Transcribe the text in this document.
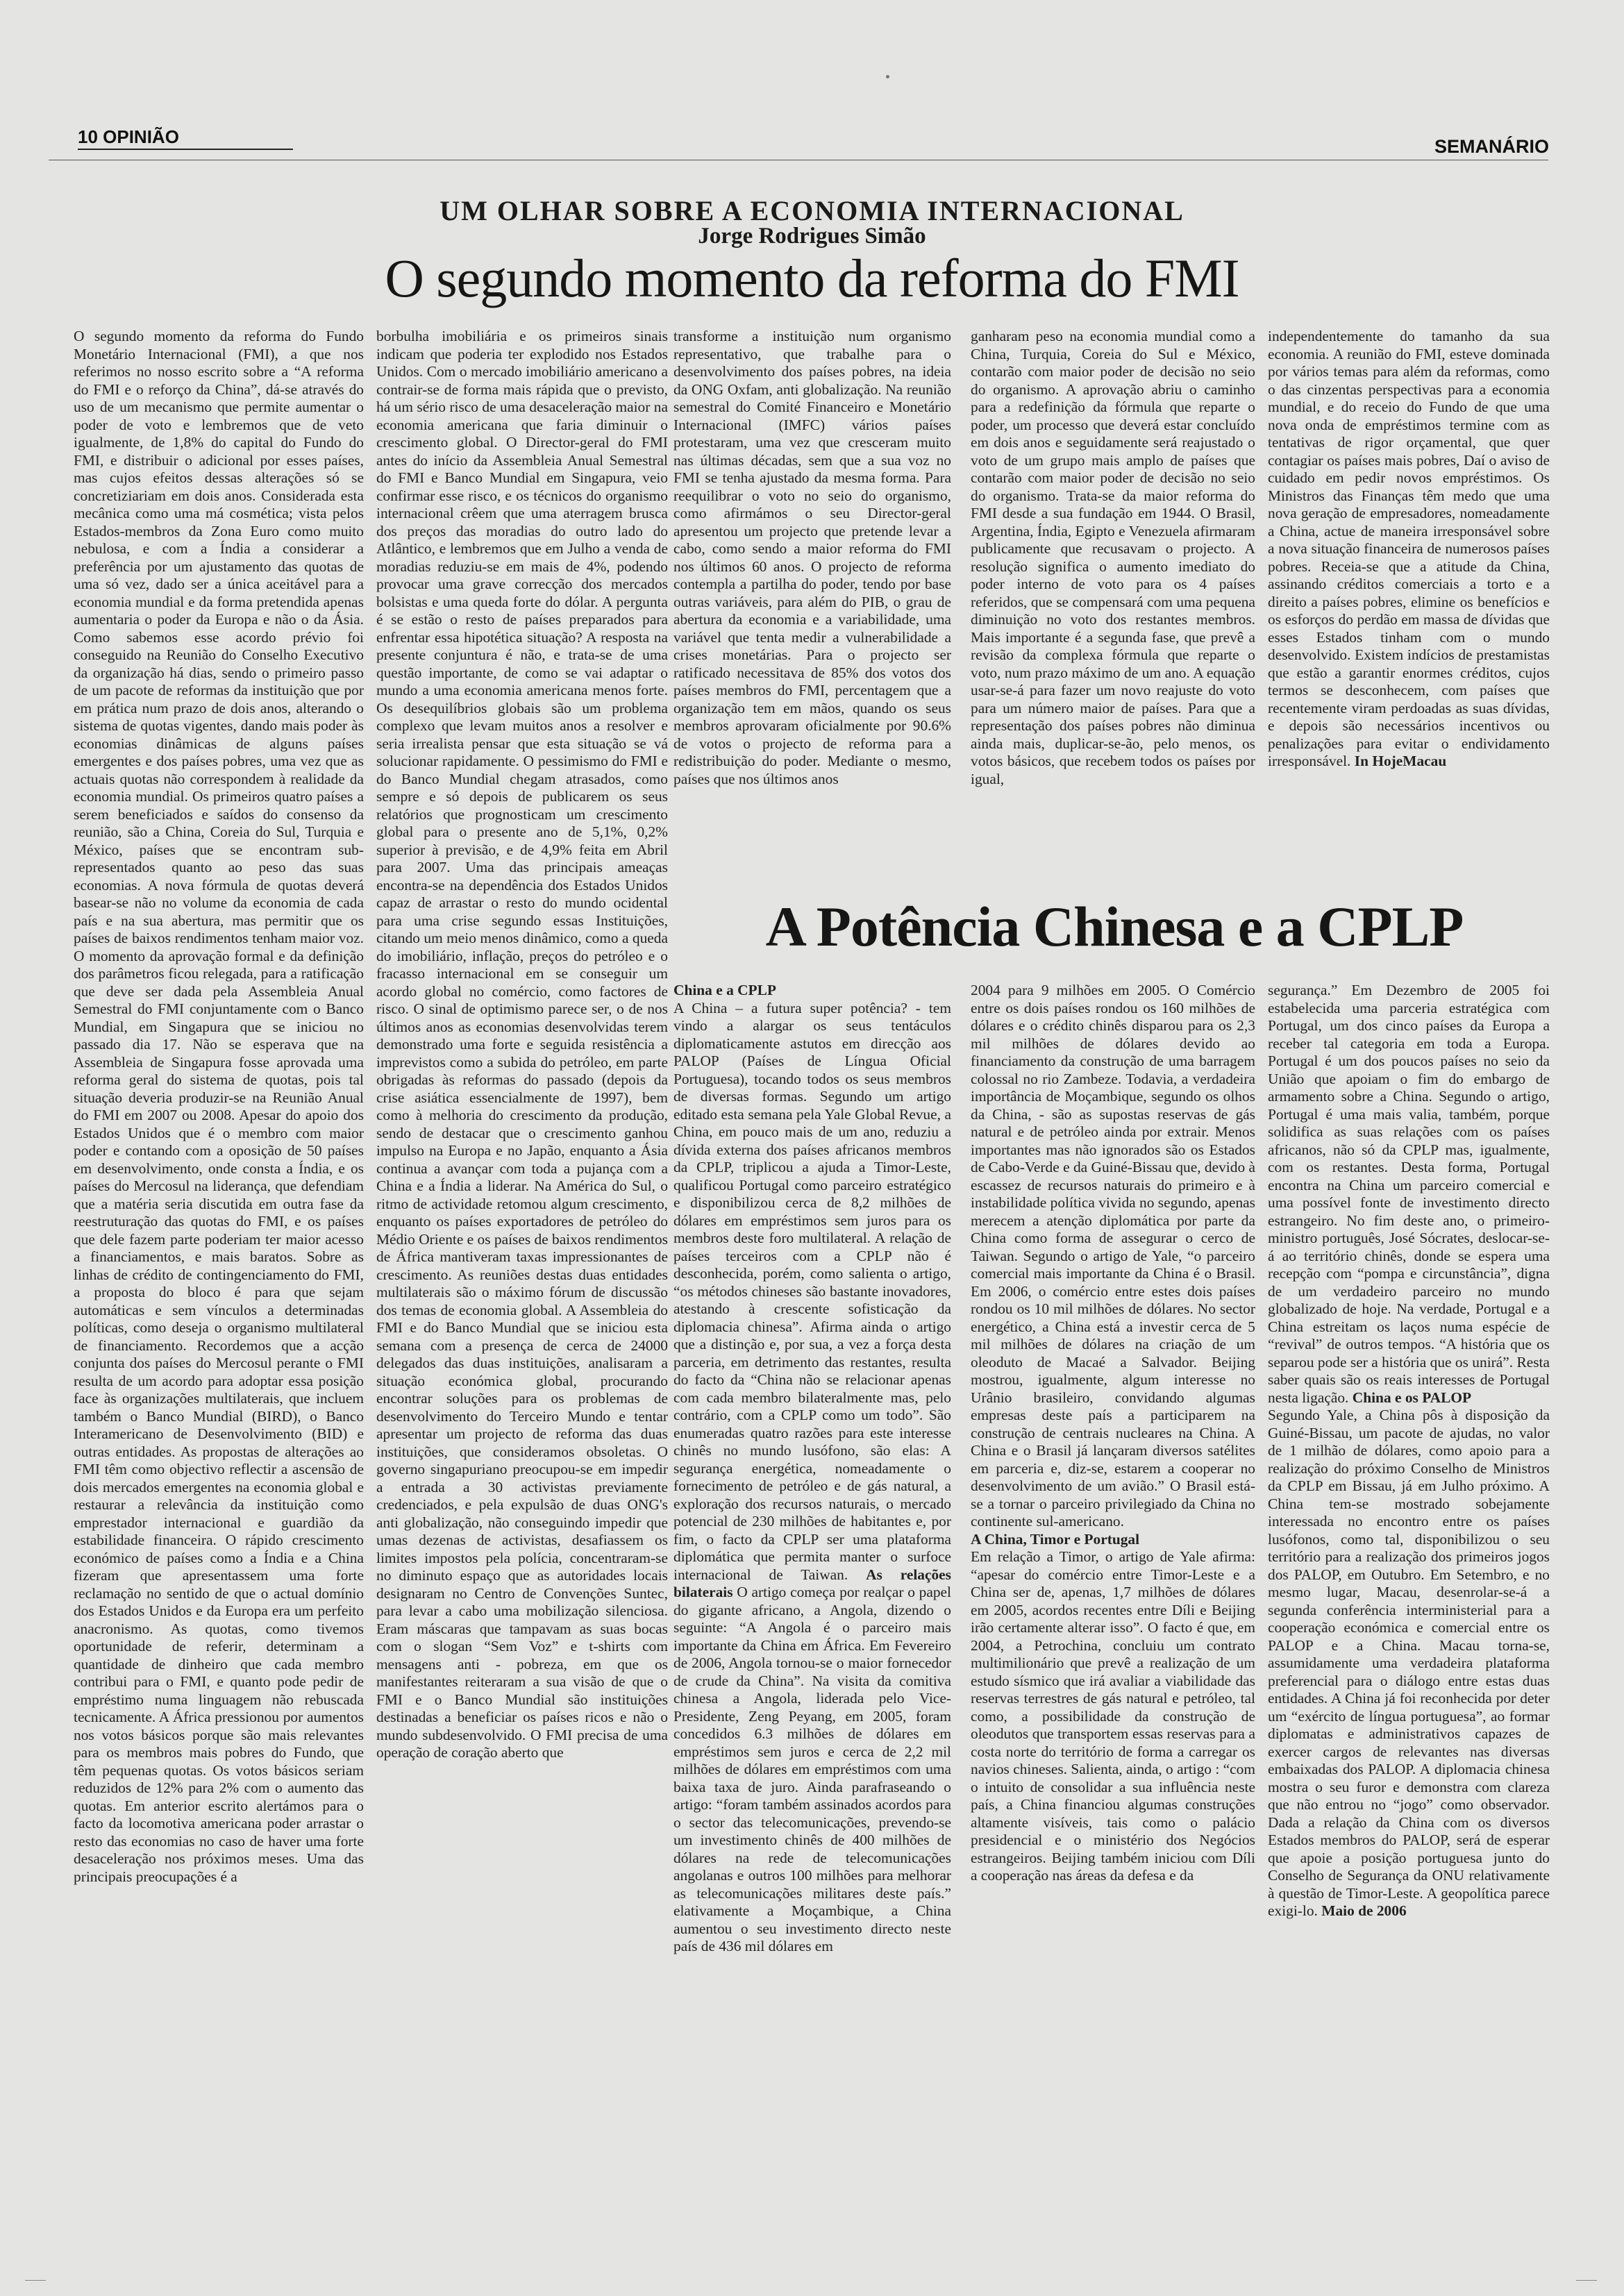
10 OPINIÃO	SEMANÁRIO
UM OLHAR SOBRE A ECONOMIA INTERNACIONAL
Jorge Rodrigues Simão
O segundo momento da reforma do FMI

O segundo momento da reforma do Fundo Monetário Internacional (FMI), a que nos referimos no nosso escrito sobre a “A reforma do FMI e o reforço da China”, dá-se através do uso de um mecanismo que permite aumentar o poder de voto e lembremos que de veto igualmente, de 1,8% do capital do Fundo do FMI, e distribuir o adicional por esses países, mas cujos efeitos dessas alterações só se concretiziariam em dois anos. Considerada esta mecânica como uma má cosmética; vista pelos Estados-membros da Zona Euro como muito nebulosa, e com a Índia a considerar a preferência por um ajustamento das quotas de uma só vez, dado ser a única aceitável para a economia mundial e da forma pretendida apenas aumentaria o poder da Europa e não o da Ásia. Como sabemos esse acordo prévio foi conseguido na Reunião do Conselho Executivo da organização há dias, sendo o primeiro passo de um pacote de reformas da instituição que por em prática num prazo de dois anos, alterando o sistema de quotas vigentes, dando mais poder às economias dinâmicas de alguns países emergentes e dos países pobres, uma vez que as actuais quotas não correspondem à realidade da economia mundial. Os primeiros quatro países a serem beneficiados e saídos do consenso da reunião, são a China, Coreia do Sul, Turquia e México, países que se encontram sub-representados quanto ao peso das suas economias. A nova fórmula de quotas deverá basear-se não no volume da economia de cada país e na sua abertura, mas permitir que os países de baixos rendimentos tenham maior voz. O momento da aprovação formal e da definição dos parâmetros ficou relegada, para a ratificação que deve ser dada pela Assembleia Anual Semestral do FMI conjuntamente com o Banco Mundial, em Singapura que se iniciou no passado dia 17. Não se esperava que na Assembleia de Singapura fosse aprovada uma reforma geral do sistema de quotas, pois tal situação deveria produzir-se na Reunião Anual do FMI em 2007 ou 2008. Apesar do apoio dos Estados Unidos que é o membro com maior poder e contando com a oposição de 50 países em desenvolvimento, onde consta a Índia, e os países do Mercosul na liderança, que defendiam que a matéria seria discutida em outra fase da reestruturação das quotas do FMI, e os países que dele fazem parte poderiam ter maior acesso a financiamentos, e mais baratos. Sobre as linhas de crédito de contingenciamento do FMI, a proposta do bloco é para que sejam automáticas e sem vínculos a determinadas políticas, como deseja o organismo multilateral de financiamento. Recordemos que a acção conjunta dos países do Mercosul perante o FMI resulta de um acordo para adoptar essa posição face às organizações multilaterais, que incluem também o Banco Mundial (BIRD), o Banco Interamericano de Desenvolvimento (BID) e outras entidades. As propostas de alterações ao FMI têm como objectivo reflectir a ascensão de dois mercados emergentes na economia global e restaurar a relevância da instituição como emprestador internacional e guardião da estabilidade financeira. O rápido crescimento económico de países como a Índia e a China fizeram que apresentassem uma forte reclamação no sentido de que o actual domínio dos Estados Unidos e da Europa era um perfeito anacronismo. As quotas, como tivemos oportunidade de referir, determinam a quantidade de dinheiro que cada membro contribui para o FMI, e quanto pode pedir de empréstimo numa linguagem não rebuscada tecnicamente. A África pressionou por aumentos nos votos básicos porque são mais relevantes para os membros mais pobres do Fundo, que têm pequenas quotas. Os votos básicos seriam reduzidos de 12% para 2% com o aumento das quotas. Em anterior escrito alertámos para o facto da locomotiva americana poder arrastar o resto das economias no caso de haver uma forte desaceleração nos próximos meses. Uma das principais preocupações é a

borbulha imobiliária e os primeiros sinais indicam que poderia ter explodido nos Estados Unidos. Com o mercado imobiliário americano a contrair-se de forma mais rápida que o previsto, há um sério risco de uma desaceleração maior na economia americana que faria diminuir o crescimento global. O Director-geral do FMI antes do início da Assembleia Anual Semestral do FMI e Banco Mundial em Singapura, veio confirmar esse risco, e os técnicos do organismo internacional crêem que uma aterragem brusca dos preços das moradias do outro lado do Atlântico, e lembremos que em Julho a venda de moradias reduziu-se em mais de 4%, podendo provocar uma grave correcção dos mercados bolsistas e uma queda forte do dólar. A pergunta é se estão o resto de países preparados para enfrentar essa hipotética situação? A resposta na presente conjuntura é não, e trata-se de uma questão importante, de como se vai adaptar o mundo a uma economia americana menos forte. Os desequilíbrios globais são um problema complexo que levam muitos anos a resolver e seria irrealista pensar que esta situação se vá solucionar rapidamente. O pessimismo do FMI e do Banco Mundial chegam atrasados, como sempre e só depois de publicarem os seus relatórios que prognosticam um crescimento global para o presente ano de 5,1%, 0,2% superior à previsão, e de 4,9% feita em Abril para 2007. Uma das principais ameaças encontra-se na dependência dos Estados Unidos capaz de arrastar o resto do mundo ocidental para uma crise segundo essas Instituições, citando um meio menos dinâmico, como a queda do imobiliário, inflação, preços do petróleo e o fracasso internacional em se conseguir um acordo global no comércio, como factores de risco. O sinal de optimismo parece ser, o de nos últimos anos as economias desenvolvidas terem demonstrado uma forte e seguida resistência a imprevistos como a subida do petróleo, em parte obrigadas às reformas do passado (depois da crise asiática essencialmente de 1997), bem como à melhoria do crescimento da produção, sendo de destacar que o crescimento ganhou impulso na Europa e no Japão, enquanto a Ásia continua a avançar com toda a pujança com a China e a Índia a liderar. Na América do Sul, o ritmo de actividade retomou algum crescimento, enquanto os países exportadores de petróleo do Médio Oriente e os países de baixos rendimentos de África mantiveram taxas impressionantes de crescimento. As reuniões destas duas entidades multilaterais são o máximo fórum de discussão dos temas de economia global. A Assembleia do FMI e do Banco Mundial que se iniciou esta semana com a presença de cerca de 24000 delegados das duas instituições, analisaram a situação económica global, procurando encontrar soluções para os problemas de desenvolvimento do Terceiro Mundo e tentar apresentar um projecto de reforma das duas instituições, que consideramos obsoletas. O governo singapuriano preocupou-se em impedir a entrada a 30 activistas previamente credenciados, e pela expulsão de duas ONG's anti globalização, não conseguindo impedir que umas dezenas de activistas, desafiassem os limites impostos pela polícia, concentraram-se no diminuto espaço que as autoridades locais designaram no Centro de Convenções Suntec, para levar a cabo uma mobilização silenciosa. Eram máscaras que tampavam as suas bocas com o slogan “Sem Voz” e t-shirts com mensagens anti - pobreza, em que os manifestantes reiteraram a sua visão de que o FMI e o Banco Mundial são instituições destinadas a beneficiar os países ricos e não o mundo subdesenvolvido. O FMI precisa de uma operação de coração aberto que

transforme a instituição num organismo representativo, que trabalhe para o desenvolvimento dos países pobres, na ideia da ONG Oxfam, anti globalização. Na reunião semestral do Comité Financeiro e Monetário Internacional (IMFC) vários países protestaram, uma vez que cresceram muito nas últimas décadas, sem que a sua voz no FMI se tenha ajustado da mesma forma. Para reequilibrar o voto no seio do organismo, como afirmámos o seu Director-geral apresentou um projecto que pretende levar a cabo, como sendo a maior reforma do FMI nos últimos 60 anos. O projecto de reforma contempla a partilha do poder, tendo por base outras variáveis, para além do PIB, o grau de abertura da economia e a variabilidade, uma variável que tenta medir a vulnerabilidade a crises monetárias. Para o projecto ser ratificado necessitava de 85% dos votos dos países membros do FMI, percentagem que a organização tem em mãos, quando os seus membros aprovaram oficialmente por 90.6% de votos o projecto de reforma para a redistribuição do poder. Mediante o mesmo, países que nos últimos anos

ganharam peso na economia mundial como a China, Turquia, Coreia do Sul e México, contarão com maior poder de decisão no seio do organismo. A aprovação abriu o caminho para a redefinição da fórmula que reparte o poder, um processo que deverá estar concluído em dois anos e seguidamente será reajustado o voto de um grupo mais amplo de países que contarão com maior poder de decisão no seio do organismo. Trata-se da maior reforma do FMI desde a sua fundação em 1944. O Brasil, Argentina, Índia, Egipto e Venezuela afirmaram publicamente que recusavam o projecto. A resolução significa o aumento imediato do poder interno de voto para os 4 países referidos, que se compensará com uma pequena diminuição no voto dos restantes membros. Mais importante é a segunda fase, que prevê a revisão da complexa fórmula que reparte o voto, num prazo máximo de um ano. A equação usar-se-á para fazer um novo reajuste do voto para um número maior de países. Para que a representação dos países pobres não diminua ainda mais, duplicar-se-ão, pelo menos, os votos básicos, que recebem todos os países por igual,

independentemente do tamanho da sua economia. A reunião do FMI, esteve dominada por vários temas para além da reformas, como o das cinzentas perspectivas para a economia mundial, e do receio do Fundo de que uma nova onda de empréstimos termine com as tentativas de rigor orçamental, que quer contagiar os países mais pobres, Daí o aviso de cuidado em pedir novos empréstimos. Os Ministros das Finanças têm medo que uma nova geração de empresadores, nomeadamente a China, actue de maneira irresponsável sobre a nova situação financeira de numerosos países pobres. Receia-se que a atitude da China, assinando créditos comerciais a torto e a direito a países pobres, elimine os benefícios e os esforços do perdão em massa de dívidas que esses Estados tinham com o mundo desenvolvido. Existem indícios de prestamistas que estão a garantir enormes créditos, cujos termos se desconhecem, com países que recentemente viram perdoadas as suas dívidas, e depois são necessários incentivos ou penalizações para evitar o endividamento irresponsável. In HojeMacau

A Potência Chinesa e a CPLP

China e a CPLP

A China – a futura super potência? - tem vindo a alargar os seus tentáculos diplomaticamente astutos em direcção aos PALOP (Países de Língua Oficial Portuguesa), tocando todos os seus membros de diversas formas. Segundo um artigo editado esta semana pela Yale Global Revue, a China, em pouco mais de um ano, reduziu a dívida externa dos países africanos membros da CPLP, triplicou a ajuda a Timor-Leste, qualificou Portugal como parceiro estratégico e disponibilizou cerca de 8,2 milhões de dólares em empréstimos sem juros para os membros deste foro multilateral. A relação de países terceiros com a CPLP não é desconhecida, porém, como salienta o artigo, “os métodos chineses são bastante inovadores, atestando à crescente sofisticação da diplomacia chinesa”. Afirma ainda o artigo que a distinção e, por sua, a vez a força desta parceria, em detrimento das restantes, resulta do facto da “China não se relacionar apenas com cada membro bilateralmente mas, pelo contrário, com a CPLP como um todo”. São enumeradas quatro razões para este interesse chinês no mundo lusófono, são elas: A segurança energética, nomeadamente o fornecimento de petróleo e de gás natural, a exploração dos recursos naturais, o mercado potencial de 230 milhões de habitantes e, por fim, o facto da CPLP ser uma plataforma diplomática que permita manter o surfoce internacional de Taiwan. As relações bilaterais O artigo começa por realçar o papel do gigante africano, a Angola, dizendo o seguinte: “A Angola é o parceiro mais importante da China em África. Em Fevereiro de 2006, Angola tornou-se o maior fornecedor de crude da China”. Na visita da comitiva chinesa a Angola, liderada pelo Vice-Presidente, Zeng Peyang, em 2005, foram concedidos 6.3 milhões de dólares em empréstimos sem juros e cerca de 2,2 mil milhões de dólares em empréstimos com uma baixa taxa de juro. Ainda parafraseando o artigo: “foram também assinados acordos para o sector das telecomunicações, prevendo-se um investimento chinês de 400 milhões de dólares na rede de telecomunicações angolanas e outros 100 milhões para melhorar as telecomunicações militares deste país.” elativamente a Moçambique, a China aumentou o seu investimento directo neste país de 436 mil dólares em

2004 para 9 milhões em 2005. O Comércio entre os dois países rondou os 160 milhões de dólares e o crédito chinês disparou para os 2,3 mil milhões de dólares devido ao financiamento da construção de uma barragem colossal no rio Zambeze. Todavia, a verdadeira importância de Moçambique, segundo os olhos da China, - são as supostas reservas de gás natural e de petróleo ainda por extrair. Menos importantes mas não ignorados são os Estados de Cabo-Verde e da Guiné-Bissau que, devido à escassez de recursos naturais do primeiro e à instabilidade política vivida no segundo, apenas merecem a atenção diplomática por parte da China como forma de assegurar o cerco de Taiwan. Segundo o artigo de Yale, “o parceiro comercial mais importante da China é o Brasil. Em 2006, o comércio entre estes dois países rondou os 10 mil milhões de dólares. No sector energético, a China está a investir cerca de 5 mil milhões de dólares na criação de um oleoduto de Macaé a Salvador. Beijing mostrou, igualmente, algum interesse no Urânio brasileiro, convidando algumas empresas deste país a participarem na construção de centrais nucleares na China. A China e o Brasil já lançaram diversos satélites em parceria e, diz-se, estarem a cooperar no desenvolvimento de um avião.” O Brasil está-se a tornar o parceiro privilegiado da China no continente sul-americano.

A China, Timor e Portugal

Em relação a Timor, o artigo de Yale afirma: “apesar do comércio entre Timor-Leste e a China ser de, apenas, 1,7 milhões de dólares em 2005, acordos recentes entre Díli e Beijing irão certamente alterar isso”. O facto é que, em 2004, a Petrochina, concluiu um contrato multimilionário que prevê a realização de um estudo sísmico que irá avaliar a viabilidade das reservas terrestres de gás natural e petróleo, tal como, a possibilidade da construção de oleodutos que transportem essas reservas para a costa norte do território de forma a carregar os navios chineses. Salienta, ainda, o artigo : “com o intuito de consolidar a sua influência neste país, a China financiou algumas construções altamente visíveis, tais como o palácio presidencial e o ministério dos Negócios estrangeiros. Beijing também iniciou com Díli a cooperação nas áreas da defesa e da

segurança.” Em Dezembro de 2005 foi estabelecida uma parceria estratégica com Portugal, um dos cinco países da Europa a receber tal categoria em toda a Europa. Portugal é um dos poucos países no seio da União que apoiam o fim do embargo de armamento sobre a China. Segundo o artigo, Portugal é uma mais valia, também, porque solidifica as suas relações com os países africanos, não só da CPLP mas, igualmente, com os restantes. Desta forma, Portugal encontra na China um parceiro comercial e uma possível fonte de investimento directo estrangeiro. No fim deste ano, o primeiro-ministro português, José Sócrates, deslocar-se-á ao território chinês, donde se espera uma recepção com “pompa e circunstância”, digna de um verdadeiro parceiro no mundo globalizado de hoje. Na verdade, Portugal e a China estreitam os laços numa espécie de “revival” de outros tempos. “A história que os separou pode ser a história que os unirá”. Resta saber quais são os reais interesses de Portugal nesta ligação. China e os PALOP

Segundo Yale, a China pôs à disposição da Guiné-Bissau, um pacote de ajudas, no valor de 1 milhão de dólares, como apoio para a realização do próximo Conselho de Ministros da CPLP em Bissau, já em Julho próximo. A China tem-se mostrado sobejamente interessada no encontro entre os países lusófonos, como tal, disponibilizou o seu território para a realização dos primeiros jogos dos PALOP, em Outubro. Em Setembro, e no mesmo lugar, Macau, desenrolar-se-á a segunda conferência interministerial para a cooperação económica e comercial entre os PALOP e a China. Macau torna-se, assumidamente uma verdadeira plataforma preferencial para o diálogo entre estas duas entidades. A China já foi reconhecida por deter um “exército de língua portuguesa”, ao formar diplomatas e administrativos capazes de exercer cargos de relevantes nas diversas embaixadas dos PALOP. A diplomacia chinesa mostra o seu furor e demonstra com clareza que não entrou no “jogo” como observador. Dada a relação da China com os diversos Estados membros do PALOP, será de esperar que apoie a posição portuguesa junto do Conselho de Segurança da ONU relativamente à questão de Timor-Leste. A geopolítica parece exigi-lo. Maio de 2006
